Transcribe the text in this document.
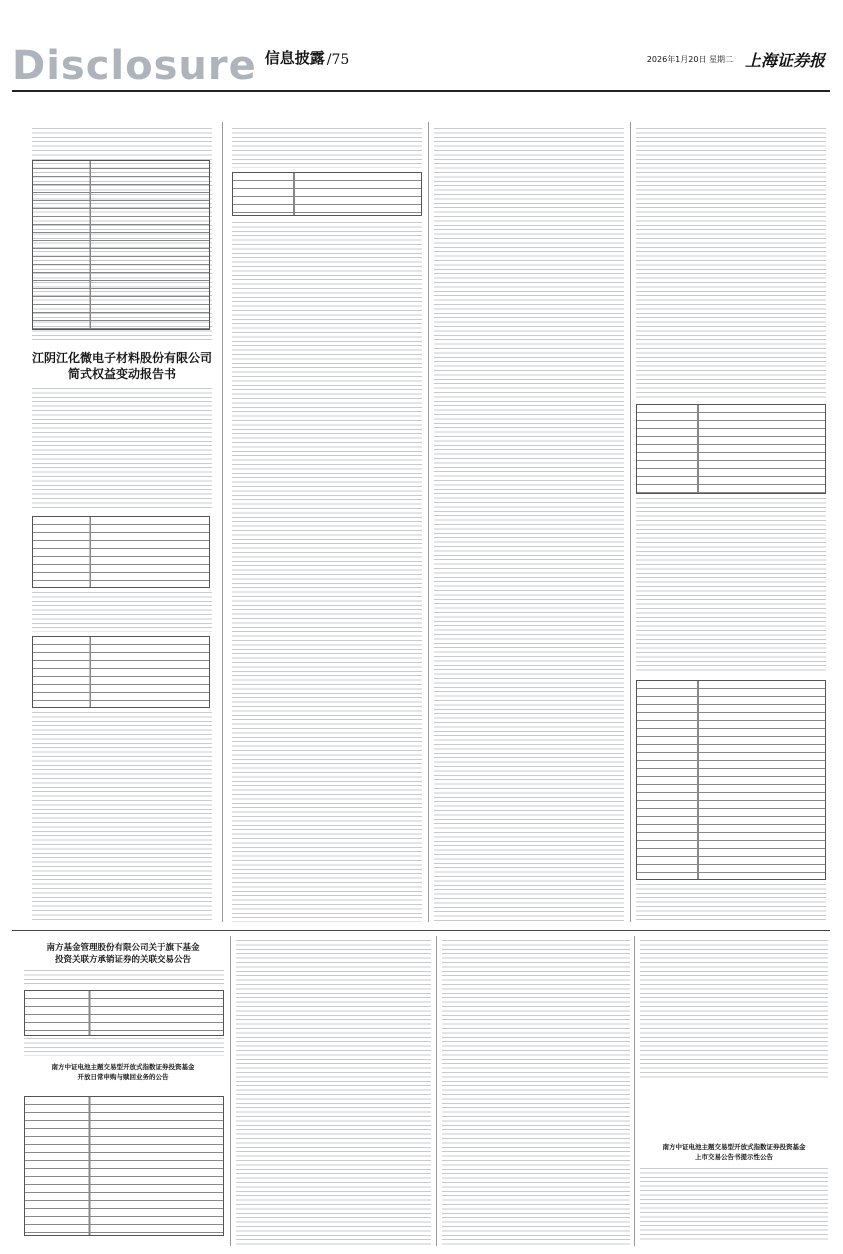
Disclosure 信息披露 /75	2026年1月20日 星期二 上海证券报
江阴江化微电子材料股份有限公司
简式权益变动报告书
南方基金管理股份有限公司关于旗下基金
投资关联方承销证券的关联交易公告
南方中证电池主题交易型开放式指数证券投资基金
开放日常申购与赎回业务的公告
南方中证电池主题交易型开放式指数证券投资基金
上市交易公告书提示性公告
